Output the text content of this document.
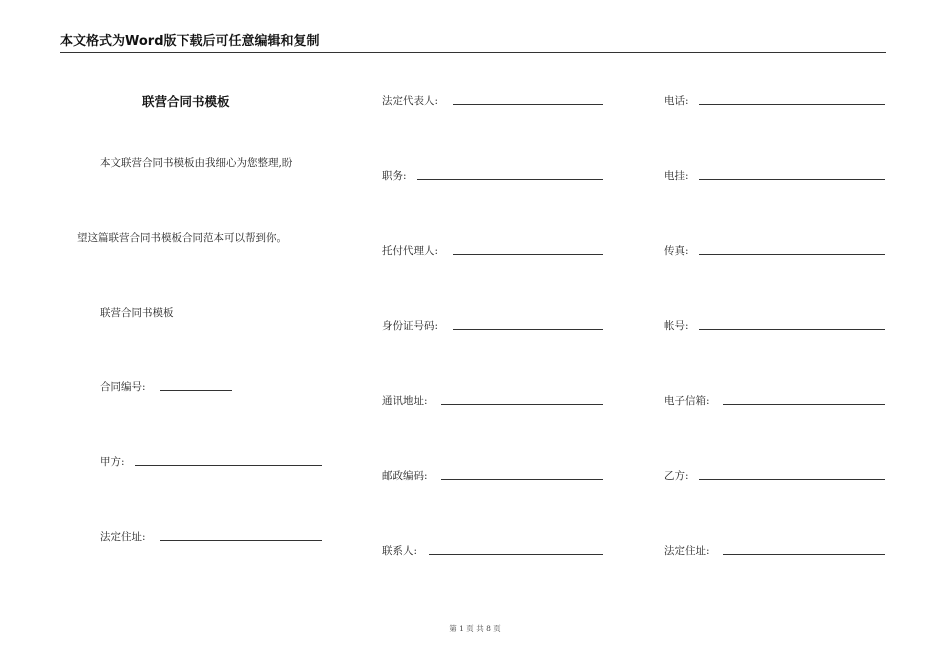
本文格式为Word版下载后可任意编辑和复制
联营合同书模板
本文联营合同书模板由我细心为您整理,盼
望这篇联营合同书模板合同范本可以帮到你。
联营合同书模板
合同编号:
甲方:
法定住址:
法定代表人:
职务:
托付代理人:
身份证号码:
通讯地址:
邮政编码:
联系人:
电话:
电挂:
传真:
帐号:
电子信箱:
乙方:
法定住址:
第 1 页 共 8 页
